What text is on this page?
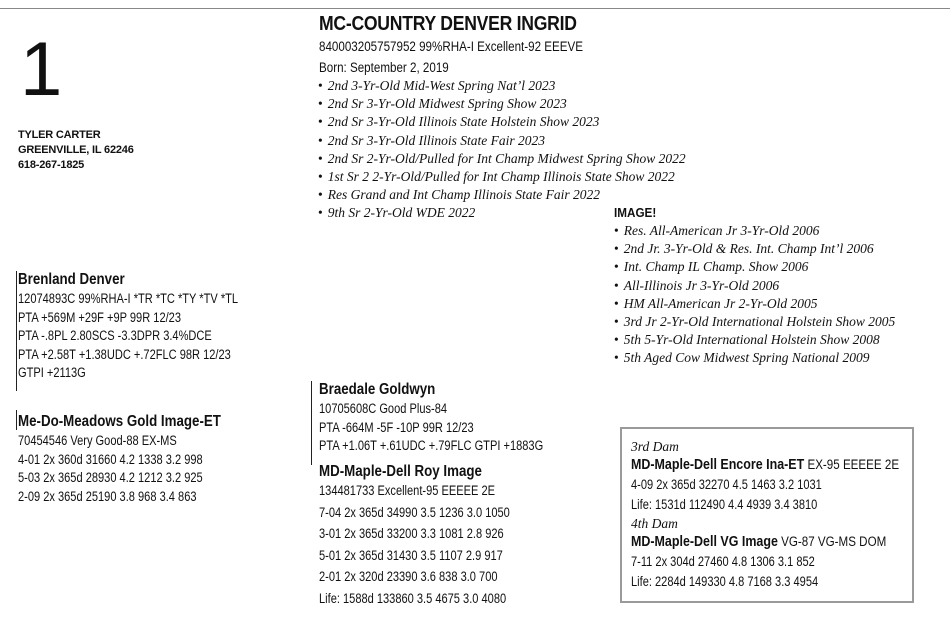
1
TYLER CARTER
GREENVILLE, IL 62246
618-267-1825
MC-COUNTRY DENVER INGRID
840003205757952 99%RHA-I Excellent-92 EEEVE
Born: September 2, 2019
• 2nd 3-Yr-Old Mid-West Spring Nat’l 2023
• 2nd Sr 3-Yr-Old Midwest Spring Show 2023
• 2nd Sr 3-Yr-Old Illinois State Holstein Show 2023
• 2nd Sr 3-Yr-Old Illinois State Fair 2023
• 2nd Sr 2-Yr-Old/Pulled for Int Champ Midwest Spring Show 2022
• 1st Sr 2 2-Yr-Old/Pulled for Int Champ Illinois State Show 2022
• Res Grand and Int Champ Illinois State Fair 2022
• 9th Sr 2-Yr-Old WDE 2022	IMAGE!
• Res. All-American Jr 3-Yr-Old 2006
• 2nd Jr. 3-Yr-Old & Res. Int. Champ Int’l 2006
• Int. Champ IL Champ. Show 2006
• All-Illinois Jr 3-Yr-Old 2006
• HM All-American Jr 2-Yr-Old 2005
• 3rd Jr 2-Yr-Old International Holstein Show 2005
• 5th 5-Yr-Old International Holstein Show 2008
• 5th Aged Cow Midwest Spring National 2009
Brenland Denver
12074893C 99%RHA-I *TR *TC *TY *TV *TL
PTA +569M +29F +9P 99R 12/23
PTA -.8PL 2.80SCS -3.3DPR 3.4%DCE
PTA +2.58T +1.38UDC +.72FLC 98R 12/23
GTPI +2113G
Me-Do-Meadows Gold Image-ET
70454546 Very Good-88 EX-MS
4-01 2x 360d 31660 4.2 1338 3.2 998
5-03 2x 365d 28930 4.2 1212 3.2 925
2-09 2x 365d 25190 3.8 968 3.4 863
Braedale Goldwyn
10705608C Good Plus-84
PTA -664M -5F -10P 99R 12/23
PTA +1.06T +.61UDC +.79FLC GTPI +1883G
MD-Maple-Dell Roy Image
134481733 Excellent-95 EEEEE 2E
7-04 2x 365d 34990 3.5 1236 3.0 1050
3-01 2x 365d 33200 3.3 1081 2.8 926
5-01 2x 365d 31430 3.5 1107 2.9 917
2-01 2x 320d 23390 3.6 838 3.0 700
Life: 1588d 133860 3.5 4675 3.0 4080
3rd Dam
MD-Maple-Dell Encore Ina-ET EX-95 EEEEE 2E
4-09 2x 365d 32270 4.5 1463 3.2 1031
Life: 1531d 112490 4.4 4939 3.4 3810
4th Dam
MD-Maple-Dell VG Image VG-87 VG-MS DOM
7-11 2x 304d 27460 4.8 1306 3.1 852
Life: 2284d 149330 4.8 7168 3.3 4954
